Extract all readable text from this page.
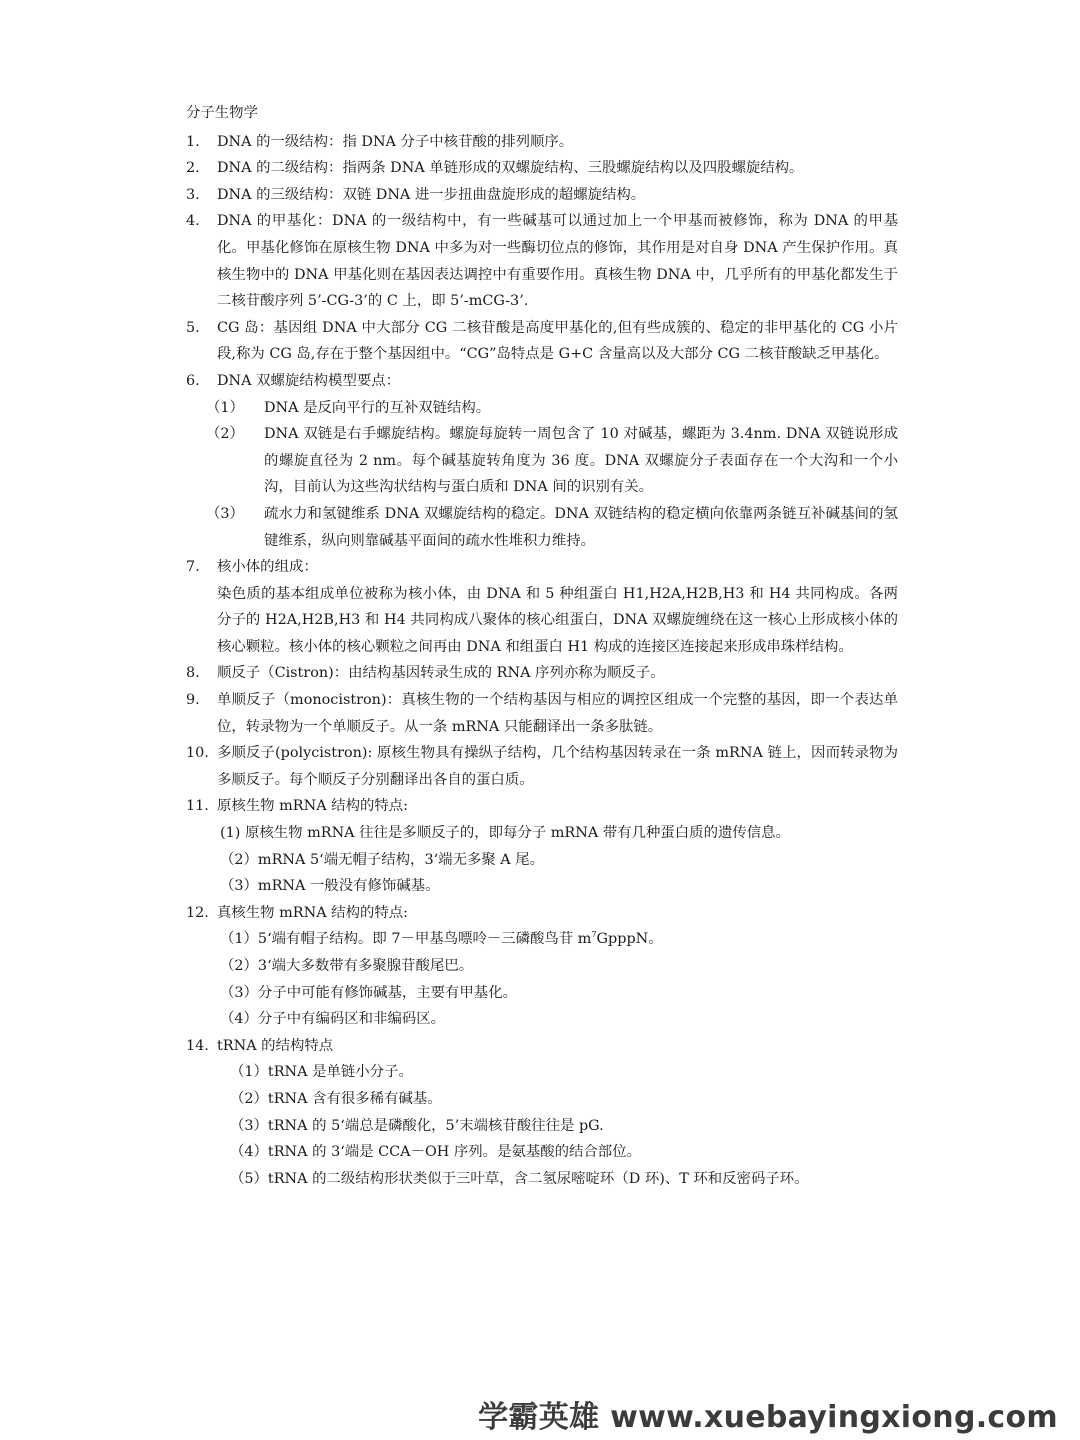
分子生物学
1. DNA 的一级结构：指 DNA 分子中核苷酸的排列顺序。
2. DNA 的二级结构：指两条 DNA 单链形成的双螺旋结构、三股螺旋结构以及四股螺旋结构。
3. DNA 的三级结构：双链 DNA 进一步扭曲盘旋形成的超螺旋结构。
4. DNA 的甲基化：DNA 的一级结构中，有一些碱基可以通过加上一个甲基而被修饰，称为 DNA 的甲基化。甲基化修饰在原核生物 DNA 中多为对一些酶切位点的修饰，其作用是对自身 DNA 产生保护作用。真核生物中的 DNA 甲基化则在基因表达调控中有重要作用。真核生物 DNA 中，几乎所有的甲基化都发生于二核苷酸序列 5’-CG-3’的 C 上，即 5’-mCG-3’.
5. CG 岛：基因组 DNA 中大部分 CG 二核苷酸是高度甲基化的,但有些成簇的、稳定的非甲基化的 CG 小片段,称为 CG 岛,存在于整个基因组中。“CG”岛特点是 G+C 含量高以及大部分 CG 二核苷酸缺乏甲基化。
6. DNA 双螺旋结构模型要点：
（1） DNA 是反向平行的互补双链结构。
（2） DNA 双链是右手螺旋结构。螺旋每旋转一周包含了 10 对碱基，螺距为 3.4nm. DNA 双链说形成的螺旋直径为 2 nm。每个碱基旋转角度为 36 度。DNA 双螺旋分子表面存在一个大沟和一个小沟，目前认为这些沟状结构与蛋白质和 DNA 间的识别有关。
（3） 疏水力和氢键维系 DNA 双螺旋结构的稳定。DNA 双链结构的稳定横向依靠两条链互补碱基间的氢键维系，纵向则靠碱基平面间的疏水性堆积力维持。
7. 核小体的组成：
染色质的基本组成单位被称为核小体，由 DNA 和 5 种组蛋白 H1,H2A,H2B,H3 和 H4 共同构成。各两分子的 H2A,H2B,H3 和 H4 共同构成八聚体的核心组蛋白，DNA 双螺旋缠绕在这一核心上形成核小体的核心颗粒。核小体的核心颗粒之间再由 DNA 和组蛋白 H1 构成的连接区连接起来形成串珠样结构。
8. 顺反子（Cistron)：由结构基因转录生成的 RNA 序列亦称为顺反子。
9. 单顺反子（monocistron)：真核生物的一个结构基因与相应的调控区组成一个完整的基因，即一个表达单位，转录物为一个单顺反子。从一条 mRNA 只能翻译出一条多肽链。
10. 多顺反子(polycistron): 原核生物具有操纵子结构，几个结构基因转录在一条 mRNA 链上，因而转录物为多顺反子。每个顺反子分别翻译出各自的蛋白质。
11. 原核生物 mRNA 结构的特点:
(1) 原核生物 mRNA 往往是多顺反子的，即每分子 mRNA 带有几种蛋白质的遗传信息。
（2）mRNA 5‘端无帽子结构，3‘端无多聚 A 尾。
（3）mRNA 一般没有修饰碱基。
12. 真核生物 mRNA 结构的特点:
（1）5‘端有帽子结构。即 7－甲基鸟嘌呤－三磷酸鸟苷 $m^7GpppN$。
（2）3‘端大多数带有多聚腺苷酸尾巴。
（3）分子中可能有修饰碱基，主要有甲基化。
（4）分子中有编码区和非编码区。
14. tRNA 的结构特点
（1）tRNA 是单链小分子。
（2）tRNA 含有很多稀有碱基。
（3）tRNA 的 5‘端总是磷酸化，5’末端核苷酸往往是 pG.
（4）tRNA 的 3‘端是 CCA－OH 序列。是氨基酸的结合部位。
（5）tRNA 的二级结构形状类似于三叶草，含二氢尿嘧啶环（D 环)、T 环和反密码子环。
学霸英雄 www.xuebayingxiong.com
